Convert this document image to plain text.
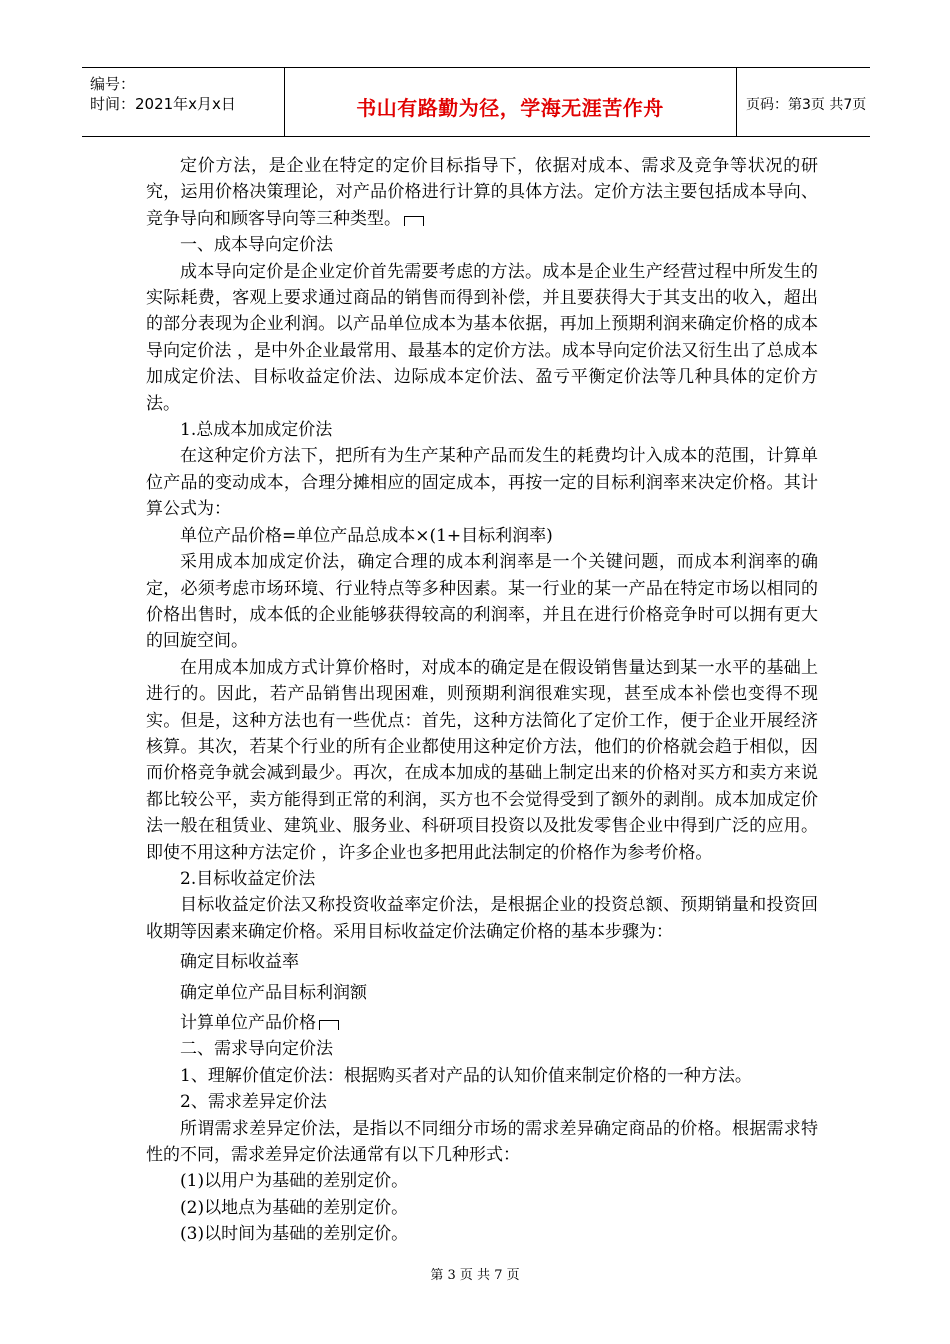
编号：
时间：2021年x月x日	书山有路勤为径，学海无涯苦作舟	页码：第3页 共7页

定价方法，是企业在特定的定价目标指导下，依据对成本、需求及竞争等状况的研究，运用价格决策理论，对产品价格进行计算的具体方法。定价方法主要包括成本导向、竞争导向和顾客导向等三种类型。

一、成本导向定价法

成本导向定价是企业定价首先需要考虑的方法。成本是企业生产经营过程中所发生的实际耗费，客观上要求通过商品的销售而得到补偿，并且要获得大于其支出的收入，超出的部分表现为企业利润。以产品单位成本为基本依据，再加上预期利润来确定价格的成本导向定价法 ，是中外企业最常用、最基本的定价方法。成本导向定价法又衍生出了总成本加成定价法、目标收益定价法、边际成本定价法、盈亏平衡定价法等几种具体的定价方法。

1.总成本加成定价法

在这种定价方法下，把所有为生产某种产品而发生的耗费均计入成本的范围，计算单位产品的变动成本，合理分摊相应的固定成本，再按一定的目标利润率来决定价格。其计算公式为：

单位产品价格=单位产品总成本×(1+目标利润率)

采用成本加成定价法，确定合理的成本利润率是一个关键问题，而成本利润率的确定，必须考虑市场环境、行业特点等多种因素。某一行业的某一产品在特定市场以相同的价格出售时，成本低的企业能够获得较高的利润率，并且在进行价格竞争时可以拥有更大的回旋空间。

在用成本加成方式计算价格时，对成本的确定是在假设销售量达到某一水平的基础上进行的。因此，若产品销售出现困难，则预期利润很难实现，甚至成本补偿也变得不现实。但是，这种方法也有一些优点：首先，这种方法简化了定价工作，便于企业开展经济核算。其次，若某个行业的所有企业都使用这种定价方法，他们的价格就会趋于相似，因而价格竞争就会减到最少。再次，在成本加成的基础上制定出来的价格对买方和卖方来说都比较公平，卖方能得到正常的利润，买方也不会觉得受到了额外的剥削。成本加成定价法一般在租赁业、建筑业、服务业、科研项目投资以及批发零售企业中得到广泛的应用。即使不用这种方法定价 ，许多企业也多把用此法制定的价格作为参考价格。

2.目标收益定价法

目标收益定价法又称投资收益率定价法，是根据企业的投资总额、预期销量和投资回收期等因素来确定价格。采用目标收益定价法确定价格的基本步骤为：

确定目标收益率

确定单位产品目标利润额

计算单位产品价格

二、需求导向定价法

1、理解价值定价法：根据购买者对产品的认知价值来制定价格的一种方法。

2、需求差异定价法

所谓需求差异定价法，是指以不同细分市场的需求差异确定商品的价格。根据需求特性的不同，需求差异定价法通常有以下几种形式：

(1)以用户为基础的差别定价。

(2)以地点为基础的差别定价。

(3)以时间为基础的差别定价。

第 3 页 共 7 页
